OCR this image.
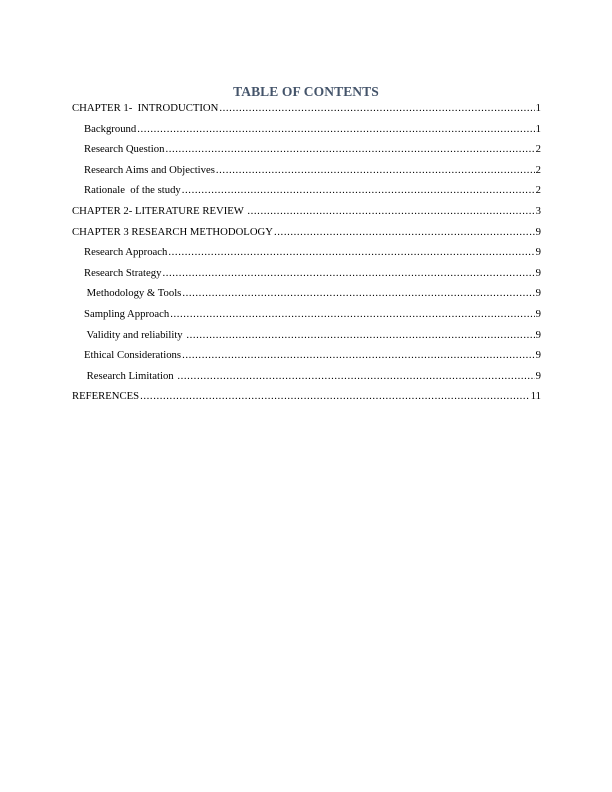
TABLE OF CONTENTS
CHAPTER 1-  INTRODUCTION .....	1
Background .....	1
Research Question .....	2
Research Aims and Objectives .....	2
Rationale  of the study .....	2
CHAPTER 2- LITERATURE REVIEW .....	3
CHAPTER 3 RESEARCH METHODOLOGY .....	9
Research Approach .....	9
Research Strategy .....	9
Methodology & Tools .....	9
Sampling Approach .....	9
Validity and reliability .....	9
Ethical Considerations .....	9
Research Limitation .....	9
REFERENCES .....	11
